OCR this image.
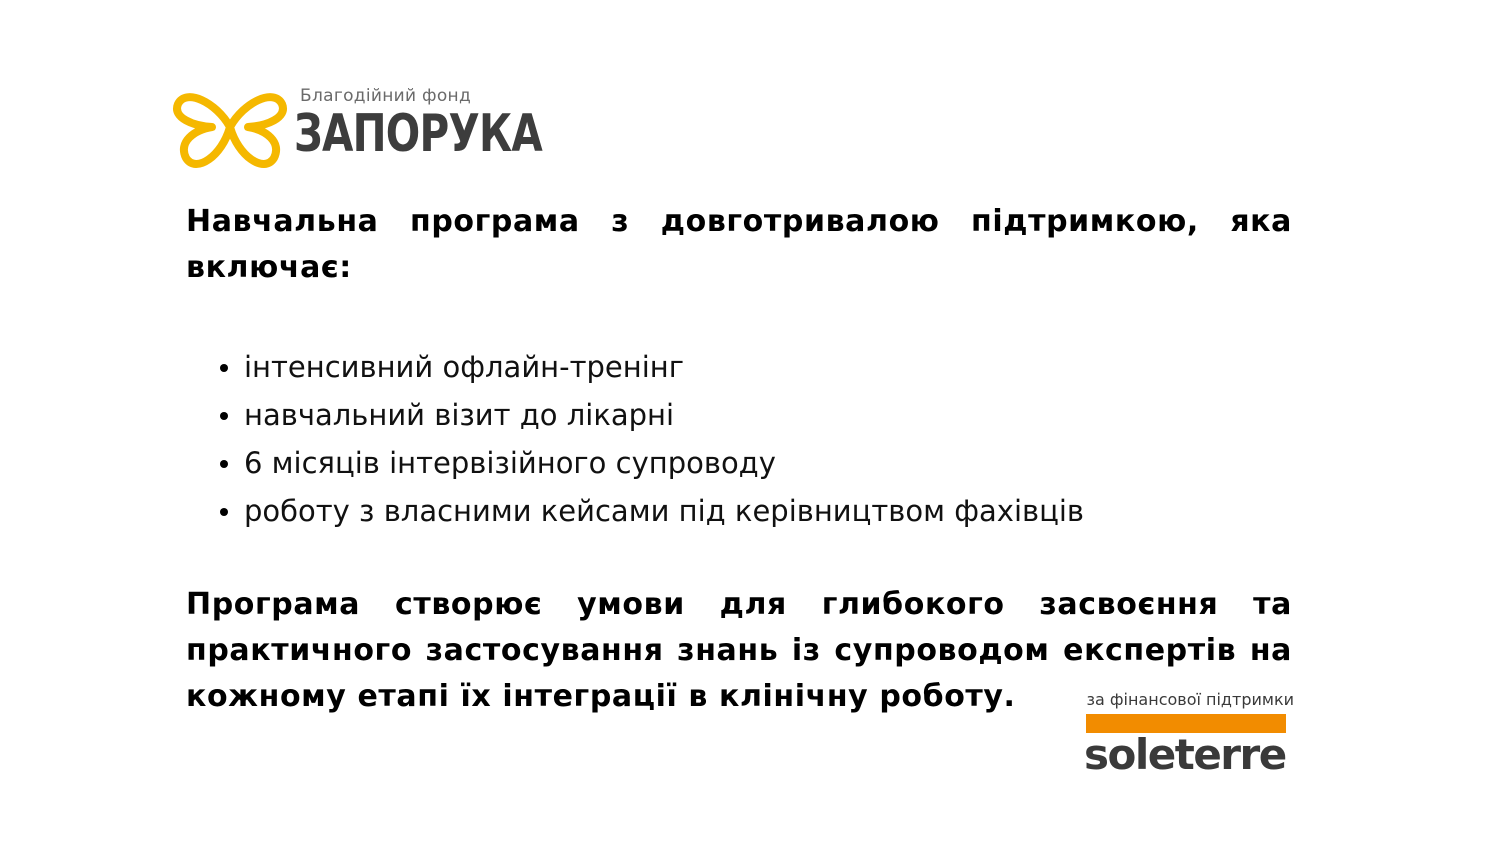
Благодійний фонд
ЗАПОРУКА

Навчальна програма з довготривалою підтримкою, яка включає:

інтенсивний офлайн-тренінг
навчальний візит до лікарні
6 місяців інтервізійного супроводу
роботу з власними кейсами під керівництвом фахівців

Програма створює умови для глибокого засвоєння та практичного застосування знань із супроводом експертів на кожному етапі їх інтеграції в клінічну роботу.	за фінансової підтримки
soleterre
